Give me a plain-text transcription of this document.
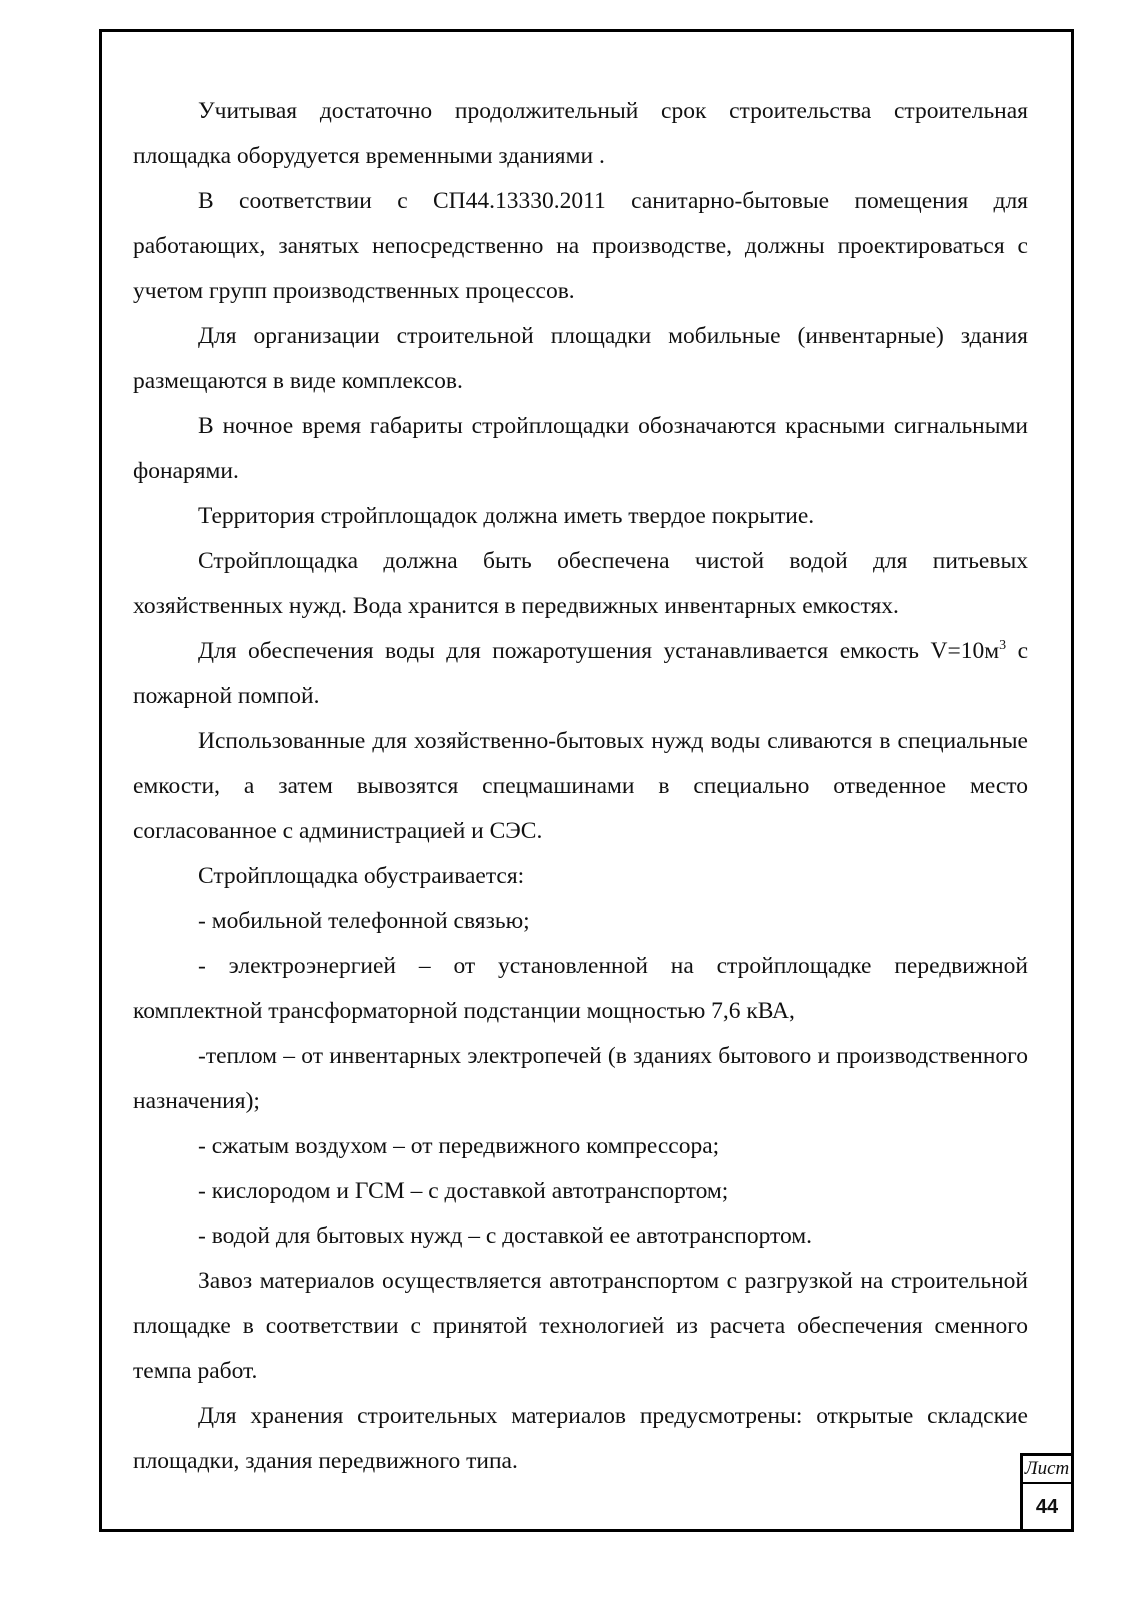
Учитывая достаточно продолжительный срок строительства строительная площадка оборудуется временными зданиями .

В соответствии с СП44.13330.2011 санитарно-бытовые помещения для работающих, занятых непосредственно на производстве, должны проектироваться с учетом групп производственных процессов.

Для организации строительной площадки мобильные (инвентарные) здания размещаются в виде комплексов.

В ночное время габариты стройплощадки обозначаются красными сигнальными фонарями.

Территория стройплощадок должна иметь твердое покрытие.

Стройплощадка должна быть обеспечена чистой водой для питьевых хозяйственных нужд. Вода хранится в передвижных инвентарных емкостях.

Для обеспечения воды для пожаротушения устанавливается емкость $V=10м^3$ с пожарной помпой.

Использованные для хозяйственно-бытовых нужд воды сливаются в специальные емкости, а затем вывозятся спецмашинами в специально отведенное место согласованное с администрацией и СЭС.

Стройплощадка обустраивается:

- мобильной телефонной связью;

- электроэнергией – от установленной на стройплощадке передвижной комплектной трансформаторной подстанции мощностью 7,6 кВА,

-теплом – от инвентарных электропечей (в зданиях бытового и производственного назначения);

- сжатым воздухом – от передвижного компрессора;

- кислородом и ГСМ – с доставкой автотранспортом;

- водой для бытовых нужд – с доставкой ее автотранспортом.

Завоз материалов осуществляется автотранспортом с разгрузкой на строительной площадке в соответствии с принятой технологией из расчета обеспечения сменного темпа работ.

Для хранения строительных материалов предусмотрены: открытые складские площадки, здания передвижного типа.	Лист
44
